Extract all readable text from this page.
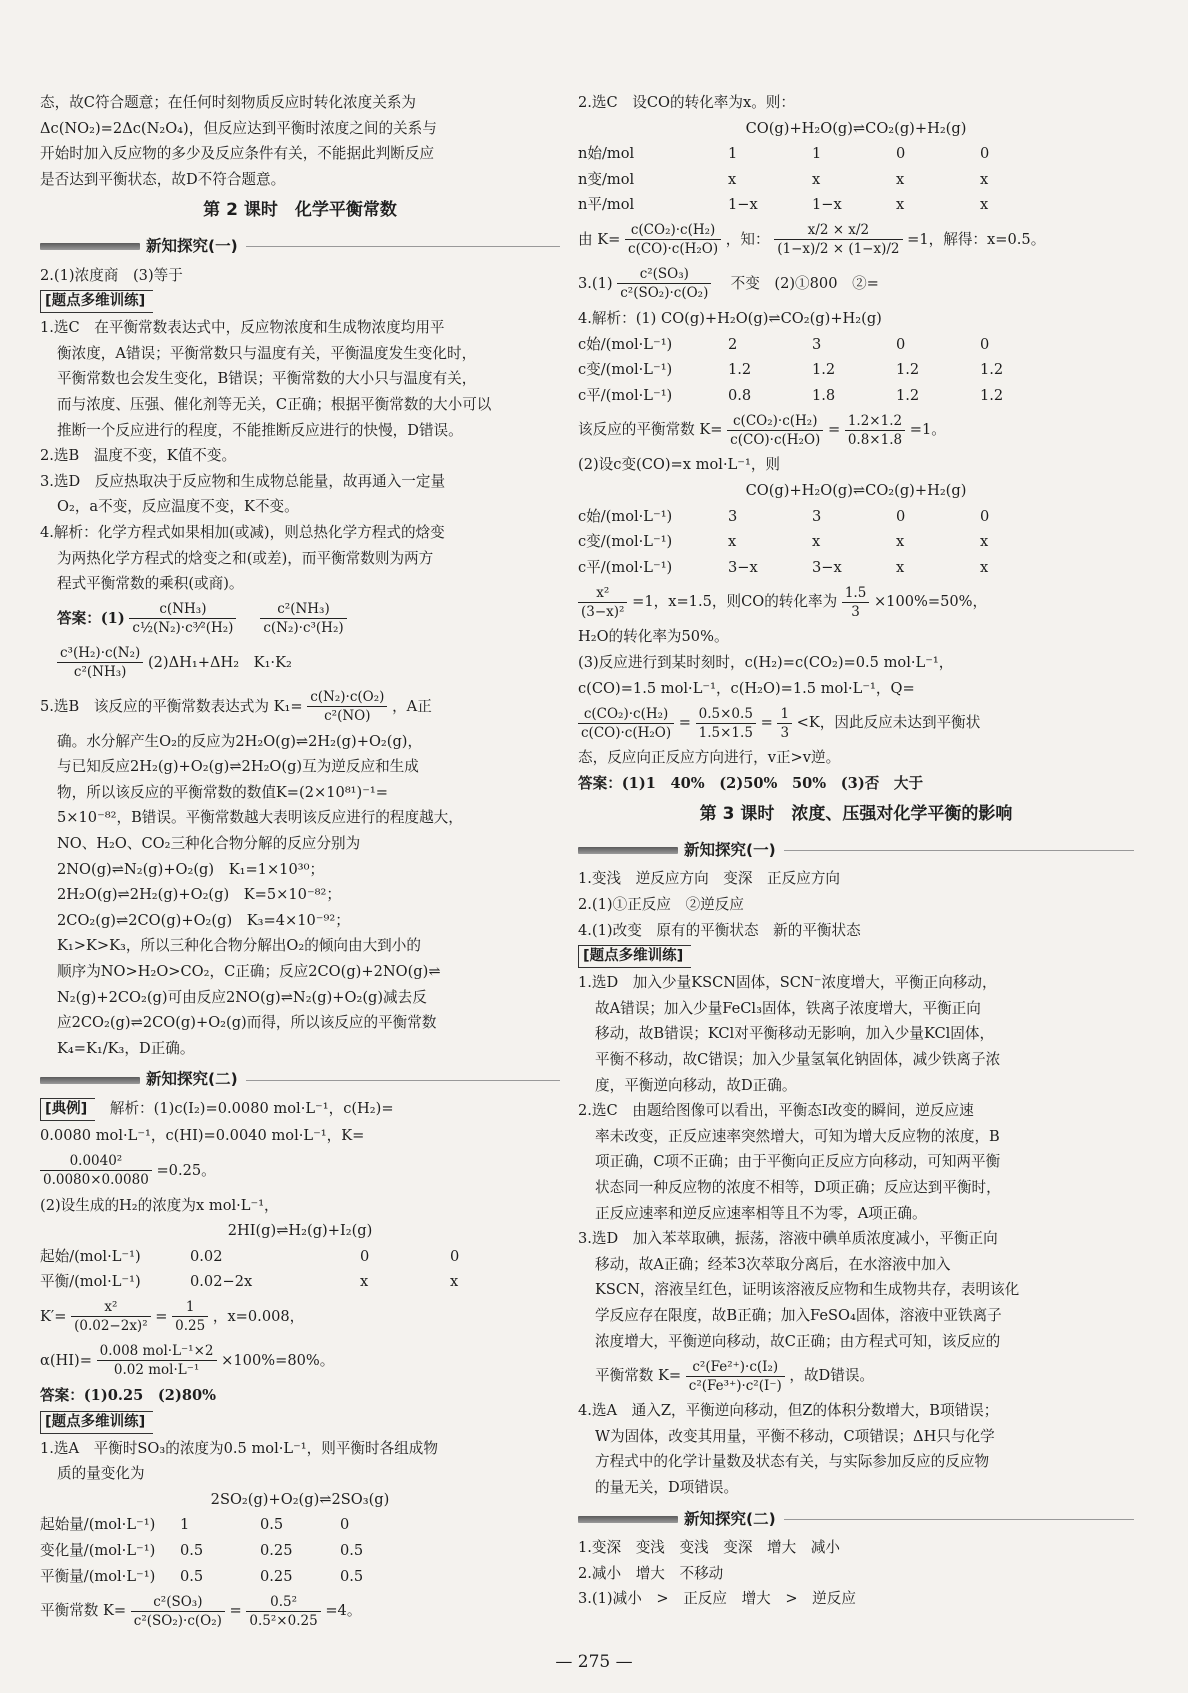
态，故C符合题意；在任何时刻物质反应时转化浓度关系为
Δc(NO₂)=2Δc(N₂O₄)，但反应达到平衡时浓度之间的关系与
开始时加入反应物的多少及反应条件有关，不能据此判断反应
是否达到平衡状态，故D不符合题意。
第 2 课时　化学平衡常数
新知探究(一)
2.(1)浓度商　(3)等于
[题点多维训练]
1.选C　在平衡常数表达式中，反应物浓度和生成物浓度均用平
衡浓度，A错误；平衡常数只与温度有关，平衡温度发生变化时，
平衡常数也会发生变化，B错误；平衡常数的大小只与温度有关，
而与浓度、压强、催化剂等无关，C正确；根据平衡常数的大小可以
推断一个反应进行的程度，不能推断反应进行的快慢，D错误。
2.选B　温度不变，K值不变。
3.选D　反应热取决于反应物和生成物总能量，故再通入一定量
O₂，a不变，反应温度不变，K不变。
4.解析：化学方程式如果相加(或减)，则总热化学方程式的焓变
为两热化学方程式的焓变之和(或差)，而平衡常数则为两方
程式平衡常数的乘积(或商)。
答案：$(1) \frac{\text{c(NH₃)}}{\text{c½(N₂)·c³⁄²(H₂)}}$
　 $\frac{\text{c²(NH₃)}}{\text{c(N₂)·c³(H₂)}}$
$\frac{\text{c³(H₂)·c(N₂)}}{\text{c²(NH₃)}} (2)\Delta H_1+\Delta H_2$　K₁·K₂
5.选B　该反应的平衡常数表达式为 $K_1= \frac{\text{c(N₂)·c(O₂)}}{\text{c²(NO)}}$ ，A正
确。水分解产生O₂的反应为2H₂O(g)⇌2H₂(g)+O₂(g)，
与已知反应2H₂(g)+O₂(g)⇌2H₂O(g)互为逆反应和生成
物，所以该反应的平衡常数的数值K=(2×10⁸¹)⁻¹=
5×10⁻⁸²，B错误。平衡常数越大表明该反应进行的程度越大，
NO、H₂O、CO₂三种化合物分解的反应分别为
2NO(g)⇌N₂(g)+O₂(g)　K₁=1×10³⁰；
2H₂O(g)⇌2H₂(g)+O₂(g)　K=5×10⁻⁸²；
2CO₂(g)⇌2CO(g)+O₂(g)　K₃=4×10⁻⁹²；
K₁>K>K₃，所以三种化合物分解出O₂的倾向由大到小的
顺序为NO>H₂O>CO₂，C正确；反应2CO(g)+2NO(g)⇌
N₂(g)+2CO₂(g)可由反应2NO(g)⇌N₂(g)+O₂(g)减去反
应2CO₂(g)⇌2CO(g)+O₂(g)而得，所以该反应的平衡常数
K₄=K₁/K₃，D正确。
新知探究(二)
[典例]　解析：(1)c(I₂)=0.0080 mol·L⁻¹，c(H₂)=
0.0080 mol·L⁻¹，c(HI)=0.0040 mol·L⁻¹，K=
$\frac{\text{0.0040²}}{0.0080\times 0.0080} =0.25$。
(2)设生成的H₂的浓度为x mol·L⁻¹，
2HI(g)⇌H₂(g)+I₂(g)
起始/(mol·L⁻¹)	0.02	0	0
平衡/(mol·L⁻¹)	0.02−2x	x	x
$K'= \frac{\text{x²}}{\text{(0.02−2x)²}} = \frac{1}{0.25}$ ，x=0.008，
α(HI)=
0.008 mol·L⁻¹×2
0.02 mol·L⁻¹
×100%=80%。
答案：(1)0.25　(2)80%
[题点多维训练]
1.选A　平衡时SO₃的浓度为0.5 mol·L⁻¹，则平衡时各组成物
质的量变化为
2SO₂(g)+O₂(g)⇌2SO₃(g)
起始量/(mol·L⁻¹)	1	0.5	0
变化量/(mol·L⁻¹)	0.5	0.25	0.5
平衡量/(mol·L⁻¹)	0.5	0.25	0.5
平衡常数 $K= \frac{\text{c²(SO₃)}}{\text{c²(SO₂)·c(O₂)}} = \frac{\text{0.5²}}{\text{0.5²×0.25}} =4$。
2.选C　设CO的转化率为x。则：
CO(g)+H₂O(g)⇌CO₂(g)+H₂(g)
n始/mol	1	1	0	0
n变/mol	x	x	x	x
n平/mol	1−x	1−x	x	x
由 $K= \frac{\text{c(CO₂)·c(H₂)}}{\text{c(CO)·c(H₂O)}}$ ，知： $\frac{x/2 \times x/2}{(1-x)/2 \times (1-x)/2} =1$，解得：x=0.5。
$3.(1) \frac{\text{c²(SO₃)}}{\text{c²(SO₂)·c(O₂)}}$ 　不变　(2)①800　②=
4.解析：(1) CO(g)+H₂O(g)⇌CO₂(g)+H₂(g)
c始/(mol·L⁻¹)	2	3	0	0
c变/(mol·L⁻¹)	1.2	1.2	1.2	1.2
c平/(mol·L⁻¹)	0.8	1.8	1.2	1.2
该反应的平衡常数 $K= \frac{\text{c(CO₂)·c(H₂)}}{\text{c(CO)·c(H₂O)}} = \frac{1.2\times 1.2}{0.8\times 1.8} =1$。
(2)设c变(CO)=x mol·L⁻¹，则
CO(g)+H₂O(g)⇌CO₂(g)+H₂(g)
c始/(mol·L⁻¹)	3	3	0	0
c变/(mol·L⁻¹)	x	x	x	x
c平/(mol·L⁻¹)	3−x	3−x	x	x
$\frac{\text{x²}}{\text{(3−x)²}} =1$，x=1.5，则CO的转化率为 $\frac{1.5}{3} \times 100\%=50\%$，
H₂O的转化率为50%。
(3)反应进行到某时刻时，c(H₂)=c(CO₂)=0.5 mol·L⁻¹，
c(CO)=1.5 mol·L⁻¹，c(H₂O)=1.5 mol·L⁻¹，Q=
$\frac{\text{c(CO₂)·c(H₂)}}{\text{c(CO)·c(H₂O)}} = \frac{0.5\times 0.5}{1.5\times 1.5} = \frac{1}{3} <K$，因此反应未达到平衡状
态，反应向正反应方向进行，v正>v逆。
答案：(1)1　40%　(2)50%　50%　(3)否　大于
第 3 课时　浓度、压强对化学平衡的影响
新知探究(一)
1.变浅　逆反应方向　变深　正反应方向
2.(1)①正反应　②逆反应
4.(1)改变　原有的平衡状态　新的平衡状态
[题点多维训练]
1.选D　加入少量KSCN固体，SCN⁻浓度增大，平衡正向移动，
故A错误；加入少量FeCl₃固体，铁离子浓度增大，平衡正向
移动，故B错误；KCl对平衡移动无影响，加入少量KCl固体，
平衡不移动，故C错误；加入少量氢氧化钠固体，减少铁离子浓
度，平衡逆向移动，故D正确。
2.选C　由题给图像可以看出，平衡态Ⅰ改变的瞬间，逆反应速
率未改变，正反应速率突然增大，可知为增大反应物的浓度，B
项正确，C项不正确；由于平衡向正反应方向移动，可知两平衡
状态同一种反应物的浓度不相等，D项正确；反应达到平衡时，
正反应速率和逆反应速率相等且不为零，A项正确。
3.选D　加入苯萃取碘，振荡，溶液中碘单质浓度减小，平衡正向
移动，故A正确；经苯3次萃取分离后，在水溶液中加入
KSCN，溶液呈红色，证明该溶液反应物和生成物共存，表明该化
学反应存在限度，故B正确；加入FeSO₄固体，溶液中亚铁离子
浓度增大，平衡逆向移动，故C正确；由方程式可知，该反应的
平衡常数 $K= \frac{\text{c²(Fe²⁺)·c(I₂)}}{\text{c²(Fe³⁺)·c²(I⁻)}}$ ，故D错误。
4.选A　通入Z，平衡逆向移动，但Z的体积分数增大，B项错误；
W为固体，改变其用量，平衡不移动，C项错误；ΔH只与化学
方程式中的化学计量数及状态有关，与实际参加反应的反应物
的量无关，D项错误。
新知探究(二)
1.变深　变浅　变浅　变深　增大　减小
2.减小　增大　不移动
3.(1)减小　>　正反应　增大　>　逆反应
— 275 —
